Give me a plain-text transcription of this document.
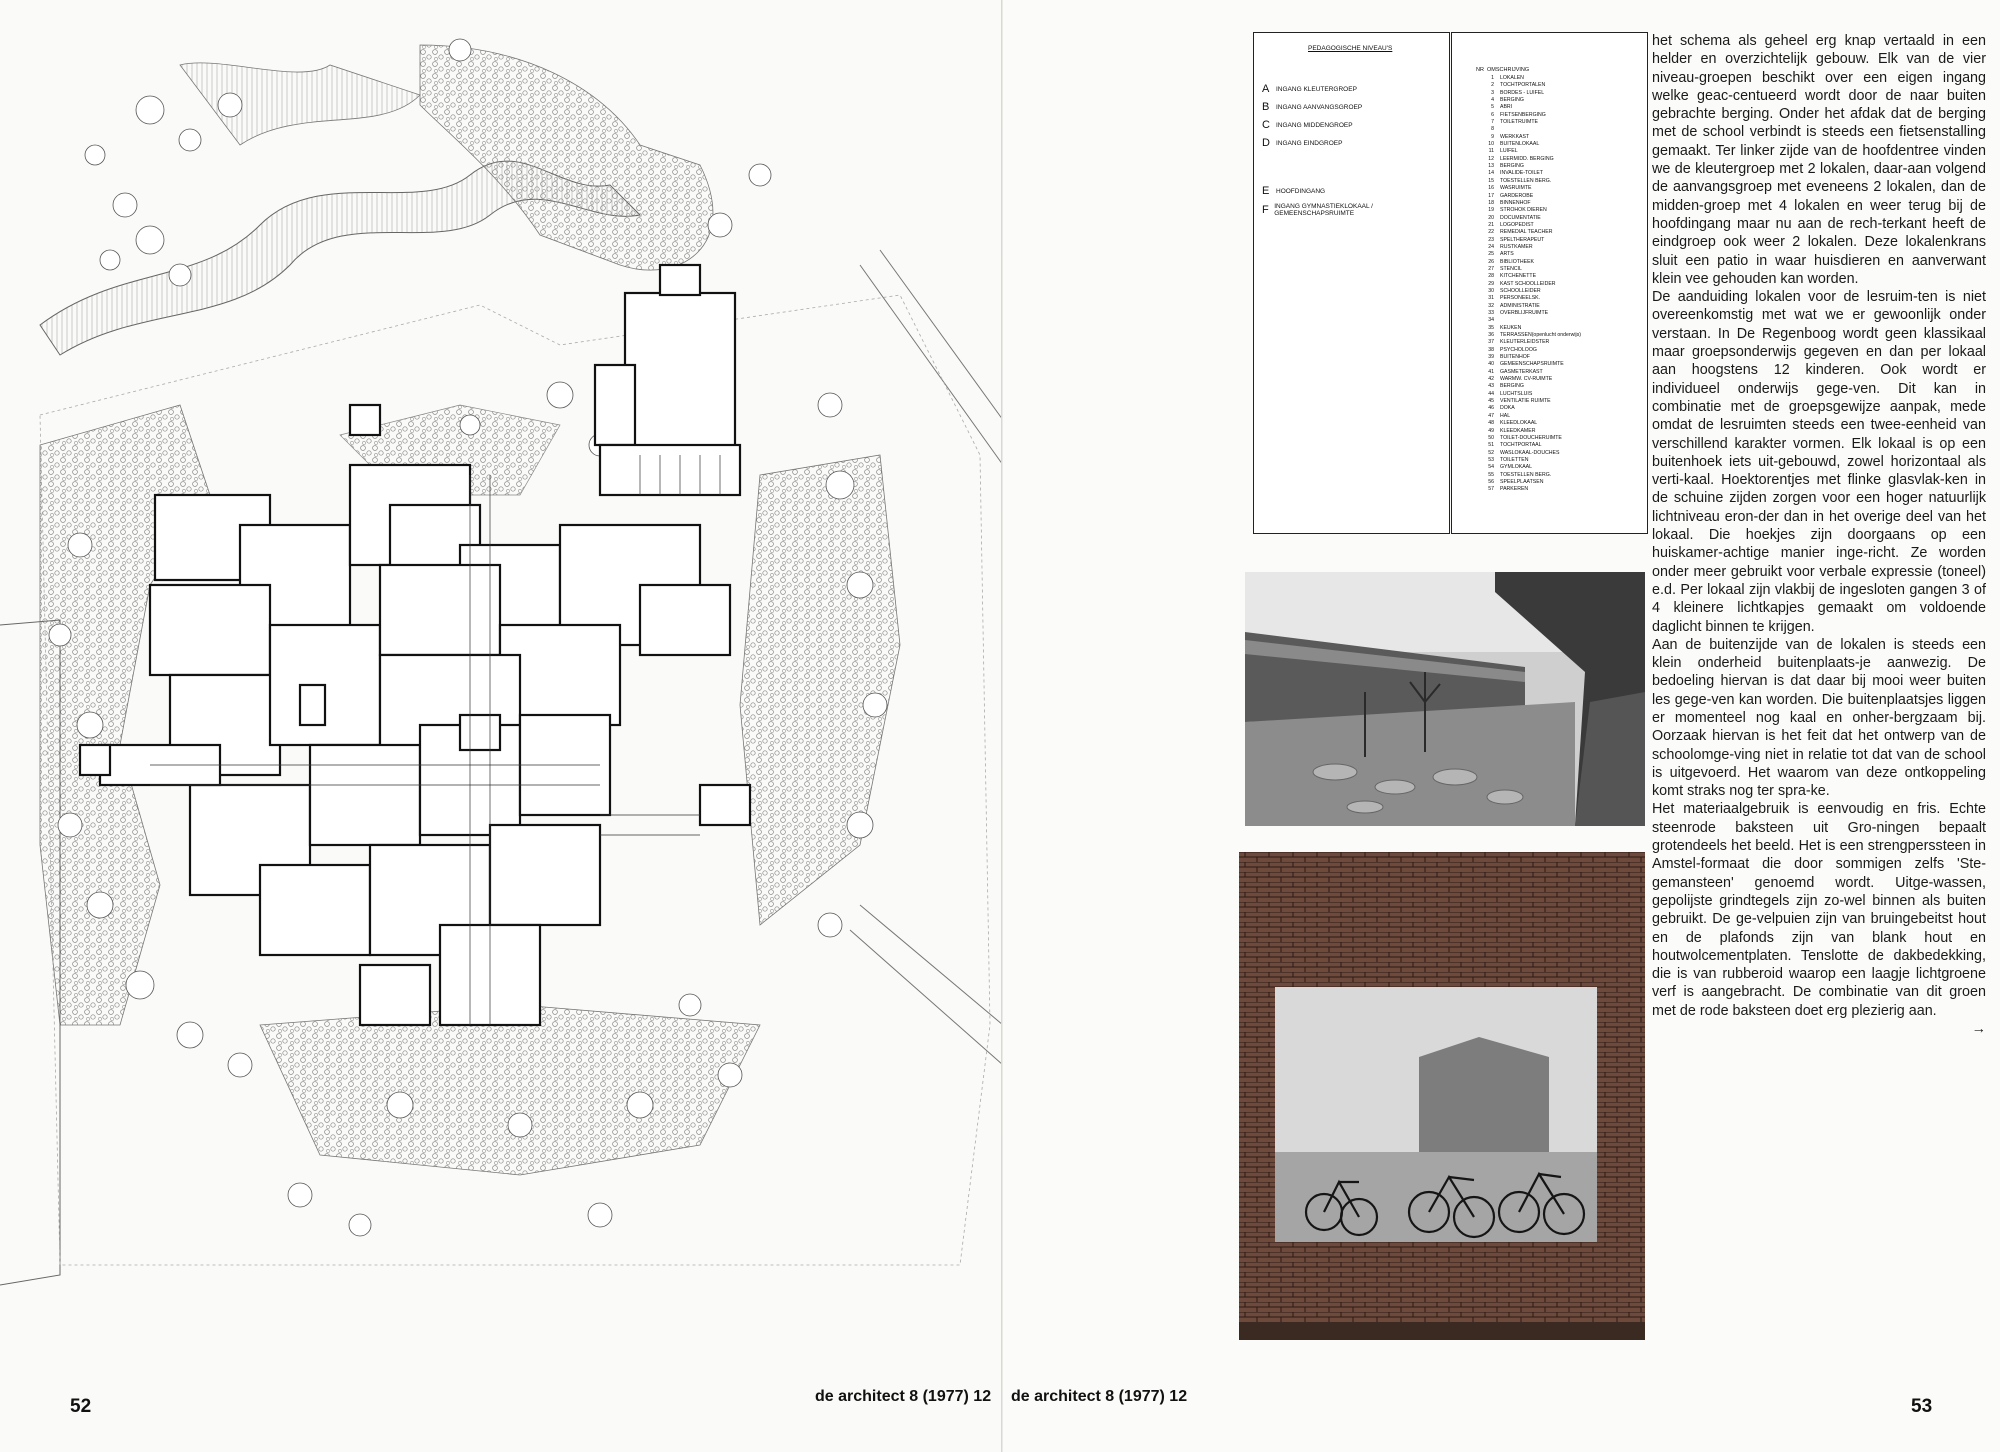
52	de architect 8 (1977) 12
PEDAGOGISCHE NIVEAU'S
A	INGANG KLEUTERGROEP
B	INGANG AANVANGSGROEP
C INGANG MIDDENGROEP
D INGANG EINDGROEP
E	HOOFDINGANG
F INGANG GYMNASTIEKLOKAAL / GEMEENSCHAPSRUIMTE
NR OMSCHRIJVING
1	LOKALEN
2	TOCHTPORTALEN
3	BORDES - LUIFEL
4	BERGING
5	ABRI
6	FIETSENBERGING
7	TOILETRUIMTE
8
9	WERKKAST
10	BUITENLOKAAL
11	LUIFEL
12	LEERMIDD. BERGING
13	BERGING
14	INVALIDE-TOILET
15	TOESTELLEN BERG.
16	WASRUIMTE
17	GARDEROBE
18	BINNENHOF
19	STROHOK DIEREN
20	DOCUMENTATIE
21	LOGOPEDIST
22	REMEDIAL TEACHER
23	SPELTHERAPEUT
24	RUSTKAMER
25	ARTS
26	BIBLIOTHEEK
27	STENCIL
28	KITCHENETTE
29	KAST SCHOOLLEIDER
30	SCHOOLLEIDER
31	PERSONEELSK.
32	ADMINISTRATIE
33	OVERBLIJFRUIMTE
34
35	KEUKEN
36	TERRASSEN(openlucht onderwijs)
37	KLEUTERLEIDSTER
38	PSYCHOLOOG
39	BUITENHOF
40	GEMEENSCHAPSRUIMTE
41	GASMETERKAST
42	WARMW. CV-RUIMTE
43	BERGING
44	LUCHTSLUIS
45	VENTILATIE RUIMTE
46	DOKA
47	HAL
48	KLEEDLOKAAL
49	KLEEDKAMER
50	TOILET-DOUCHERUIMTE
51	TOCHTPORTAAL
52	WASLOKAAL-DOUCHES
53	TOILETTEN
54	GYMLOKAAL
55	TOESTELLEN BERG.
56	SPEELPLAATSEN
57	PARKEREN

het schema als geheel erg knap vertaald in een helder en overzichtelijk gebouw. Elk van de vier niveau-groepen beschikt over een eigen ingang welke geac-centueerd wordt door de naar buiten gebrachte berging. Onder het afdak dat de berging met de school verbindt is steeds een fietsenstalling gemaakt. Ter linker zijde van de hoofdentree vinden we de kleutergroep met 2 lokalen, daar-aan volgend de aanvangsgroep met eveneens 2 lokalen, dan de midden-groep met 4 lokalen en weer terug bij de hoofdingang maar nu aan de rech-terkant heeft de eindgroep ook weer 2 lokalen. Deze lokalenkrans sluit een patio in waar huisdieren en aanverwant klein vee gehouden kan worden.

De aanduiding lokalen voor de lesruim-ten is niet overeenkomstig met wat we er gewoonlijk onder verstaan. In De Regenboog wordt geen klassikaal maar groepsonderwijs gegeven en dan per lokaal aan hoogstens 12 kinderen. Ook wordt er individueel onderwijs gege-ven. Dit kan in combinatie met de groepsgewijze aanpak, mede omdat de lesruimten steeds een twee-eenheid van verschillend karakter vormen. Elk lokaal is op een buitenhoek iets uit-gebouwd, zowel horizontaal als verti-kaal. Hoektorentjes met flinke glasvlak-ken in de schuine zijden zorgen voor een hoger natuurlijk lichtniveau eron-der dan in het overige deel van het lokaal. Die hoekjes zijn doorgaans op een huiskamer-achtige manier inge-richt. Ze worden onder meer gebruikt voor verbale expressie (toneel) e.d. Per lokaal zijn vlakbij de ingesloten gangen 3 of 4 kleinere lichtkapjes gemaakt om voldoende daglicht binnen te krijgen.

Aan de buitenzijde van de lokalen is steeds een klein onderheid buitenplaats-je aanwezig. De bedoeling hiervan is dat daar bij mooi weer buiten les gege-ven kan worden. Die buitenplaatsjes liggen er momenteel nog kaal en onher-bergzaam bij. Oorzaak hiervan is het feit dat het ontwerp van de schoolomge-ving niet in relatie tot dat van de school is uitgevoerd. Het waarom van deze ontkoppeling komt straks nog ter spra-ke.

Het materiaalgebruik is eenvoudig en fris. Echte steenrode baksteen uit Gro-ningen bepaalt grotendeels het beeld. Het is een strengperssteen in Amstel-formaat die door sommigen zelfs 'Ste-gemansteen' genoemd wordt. Uitge-wassen, gepolijste grindtegels zijn zo-wel binnen als buiten gebruikt. De ge-velpuien zijn van bruingebeitst hout en de plafonds zijn van blank hout en houtwolcementplaten. Tenslotte de dakbedekking, die is van rubberoid waarop een laagje lichtgroene verf is aangebracht. De combinatie van dit groen met de rode baksteen doet erg plezierig aan.

→
de architect 8 (1977) 12	53
